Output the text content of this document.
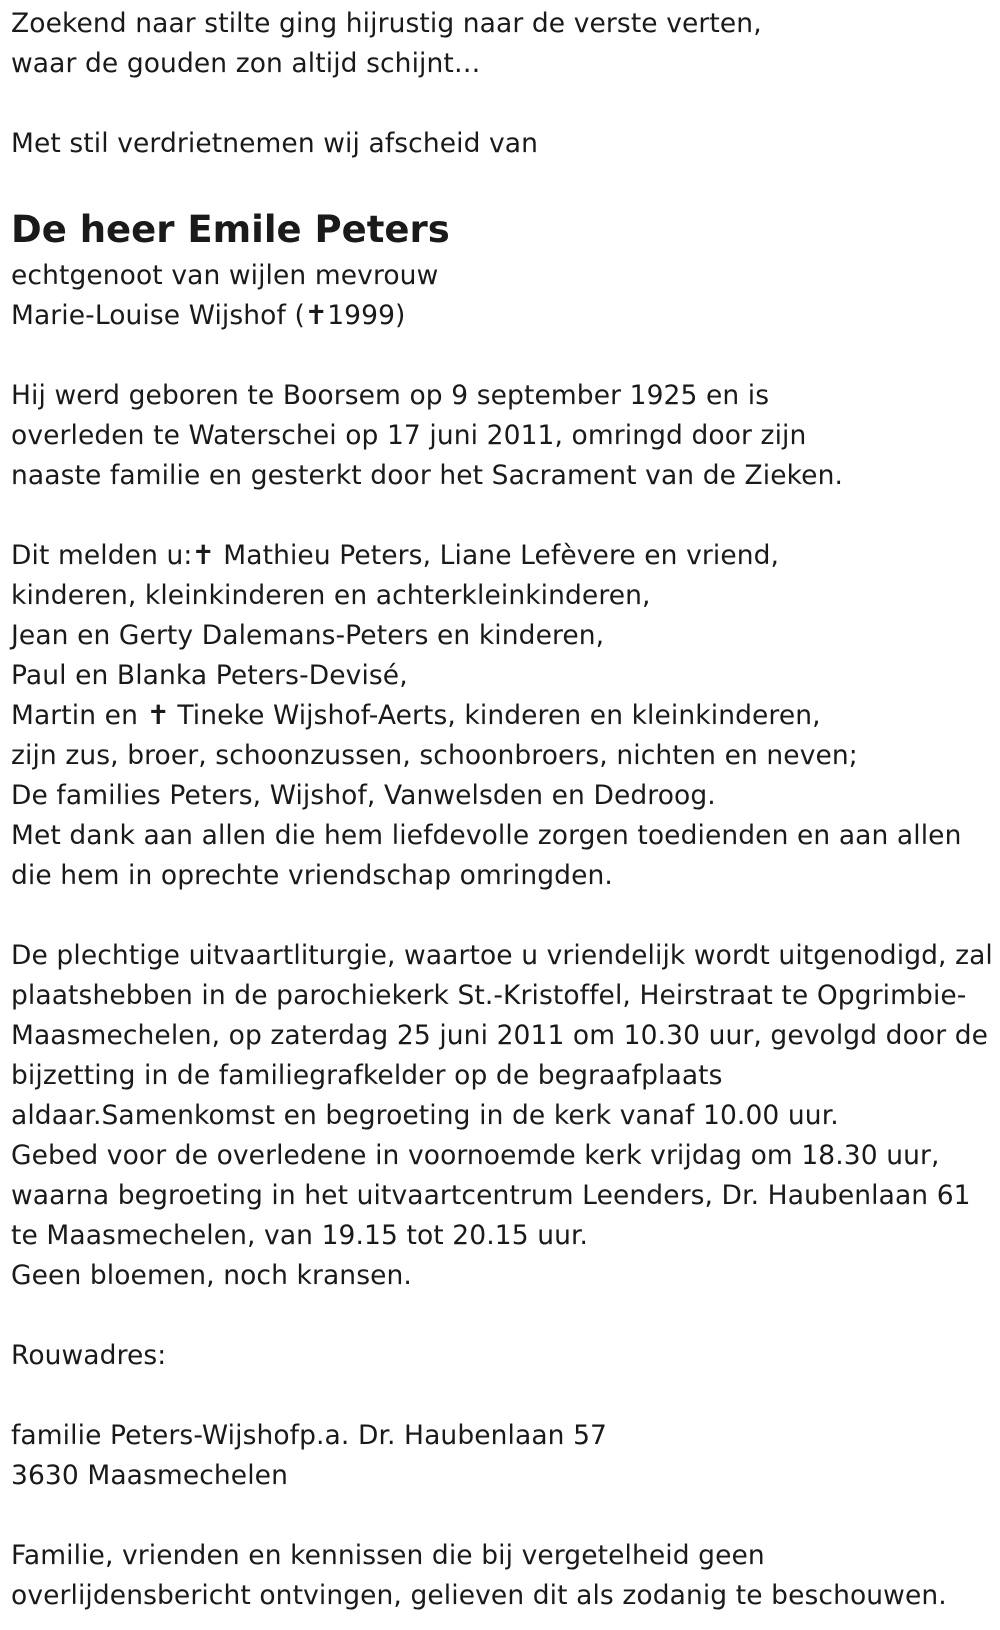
Zoekend naar stilte ging hijrustig naar de verste verten,
waar de gouden zon altijd schijnt…
Met stil verdrietnemen wij afscheid van
De heer Emile Peters
echtgenoot van wijlen mevrouw
Marie-Louise Wijshof (✝1999)
Hij werd geboren te Boorsem op 9 september 1925 en is
overleden te Waterschei op 17 juni 2011, omringd door zijn
naaste familie en gesterkt door het Sacrament van de Zieken.
Dit melden u:✝ Mathieu Peters, Liane Lefèvere en vriend,
kinderen, kleinkinderen en achterkleinkinderen,
Jean en Gerty Dalemans-Peters en kinderen,
Paul en Blanka Peters-Devisé,
Martin en ✝ Tineke Wijshof-Aerts, kinderen en kleinkinderen,
zijn zus, broer, schoonzussen, schoonbroers, nichten en neven;
De families Peters, Wijshof, Vanwelsden en Dedroog.
Met dank aan allen die hem liefdevolle zorgen toedienden en aan allen
die hem in oprechte vriendschap omringden.
De plechtige uitvaartliturgie, waartoe u vriendelijk wordt uitgenodigd, zal
plaatshebben in de parochiekerk St.-Kristoffel, Heirstraat te Opgrimbie-
Maasmechelen, op zaterdag 25 juni 2011 om 10.30 uur, gevolgd door de
bijzetting in de familiegrafkelder op de begraafplaats
aldaar.Samenkomst en begroeting in de kerk vanaf 10.00 uur.
Gebed voor de overledene in voornoemde kerk vrijdag om 18.30 uur,
waarna begroeting in het uitvaartcentrum Leenders, Dr. Haubenlaan 61
te Maasmechelen, van 19.15 tot 20.15 uur.
Geen bloemen, noch kransen.
Rouwadres:
familie Peters-Wijshofp.a. Dr. Haubenlaan 57
3630 Maasmechelen
Familie, vrienden en kennissen die bij vergetelheid geen
overlijdensbericht ontvingen, gelieven dit als zodanig te beschouwen.
